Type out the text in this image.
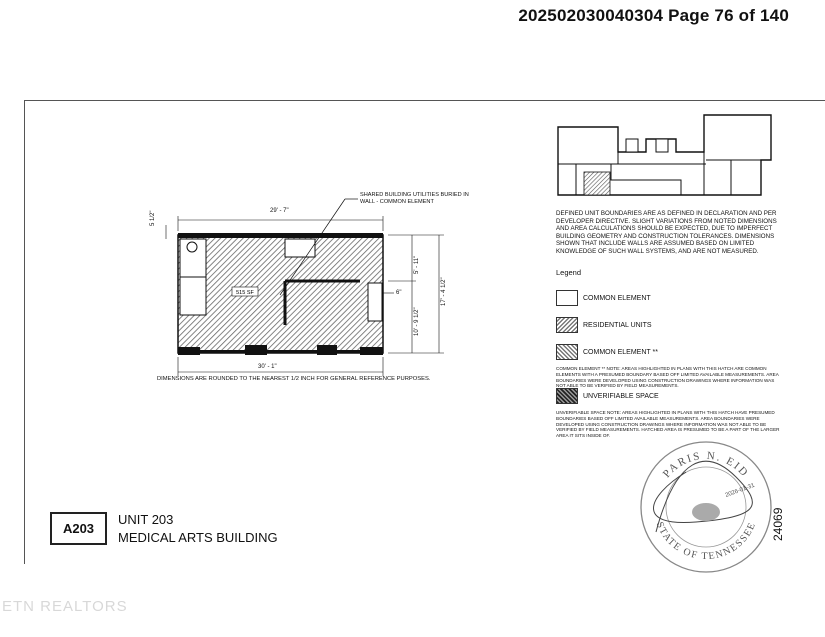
202502030040304 Page 76 of 140
515 SF
SHARED BUILDING UTILITIES BURIED IN WALL - COMMON ELEMENT
29' - 7"
30' - 1"
5 1/2"
5' - 11"
10' - 9 1/2"
17' - 4 1/2"
6"
DIMENSIONS ARE ROUNDED TO THE NEAREST 1/2 INCH FOR GENERAL REFERENCE PURPOSES.
DEFINED UNIT BOUNDARIES ARE AS DEFINED IN DECLARATION AND PER DEVELOPER DIRECTIVE. SLIGHT VARIATIONS FROM NOTED DIMENSIONS AND AREA CALCULATIONS SHOULD BE EXPECTED, DUE TO IMPERFECT BUILDING GEOMETRY AND CONSTRUCTION TOLERANCES. DIMENSIONS SHOWN THAT INCLUDE WALLS ARE ASSUMED BASED ON LIMITED KNOWLEDGE OF SUCH WALL SYSTEMS, AND ARE NOT MEASURED.
Legend
COMMON ELEMENT
RESIDENTIAL UNITS
COMMON ELEMENT **
COMMON ELEMENT ** NOTE: AREAS HIGHLIGHTED IN PLANS WITH THIS HATCH ARE COMMON ELEMENTS WITH A PRESUMED BOUNDARY BASED OFF LIMITED AVAILABLE MEASUREMENTS. AREA BOUNDARIES WERE DEVELOPED USING CONSTRUCTION DRAWINGS WHERE INFORMATION WAS NOT ABLE TO BE VERIFIED BY FIELD MEASUREMENTS.
UNVERIFIABLE SPACE
UNVERIFIABLE SPACE NOTE: AREAS HIGHLIGHTED IN PLANS WITH THIS HATCH HAVE PRESUMED BOUNDARIES BASED OFF LIMITED AVAILABLE MEASUREMENTS. AREA BOUNDARIES WERE DEVELOPED USING CONSTRUCTION DRAWINGS WHERE INFORMATION WAS NOT ABLE TO BE VERIFIED BY FIELD MEASUREMENTS. HATCHED AREA IS PRESUMED TO BE A PART OF THE LARGER AREA IT SITS INSIDE OF.
PARIS N. EID
STATE OF TENNESSEE
2026-01-31
24069
A203
UNIT 203
MEDICAL ARTS BUILDING
ETN REALTORS
